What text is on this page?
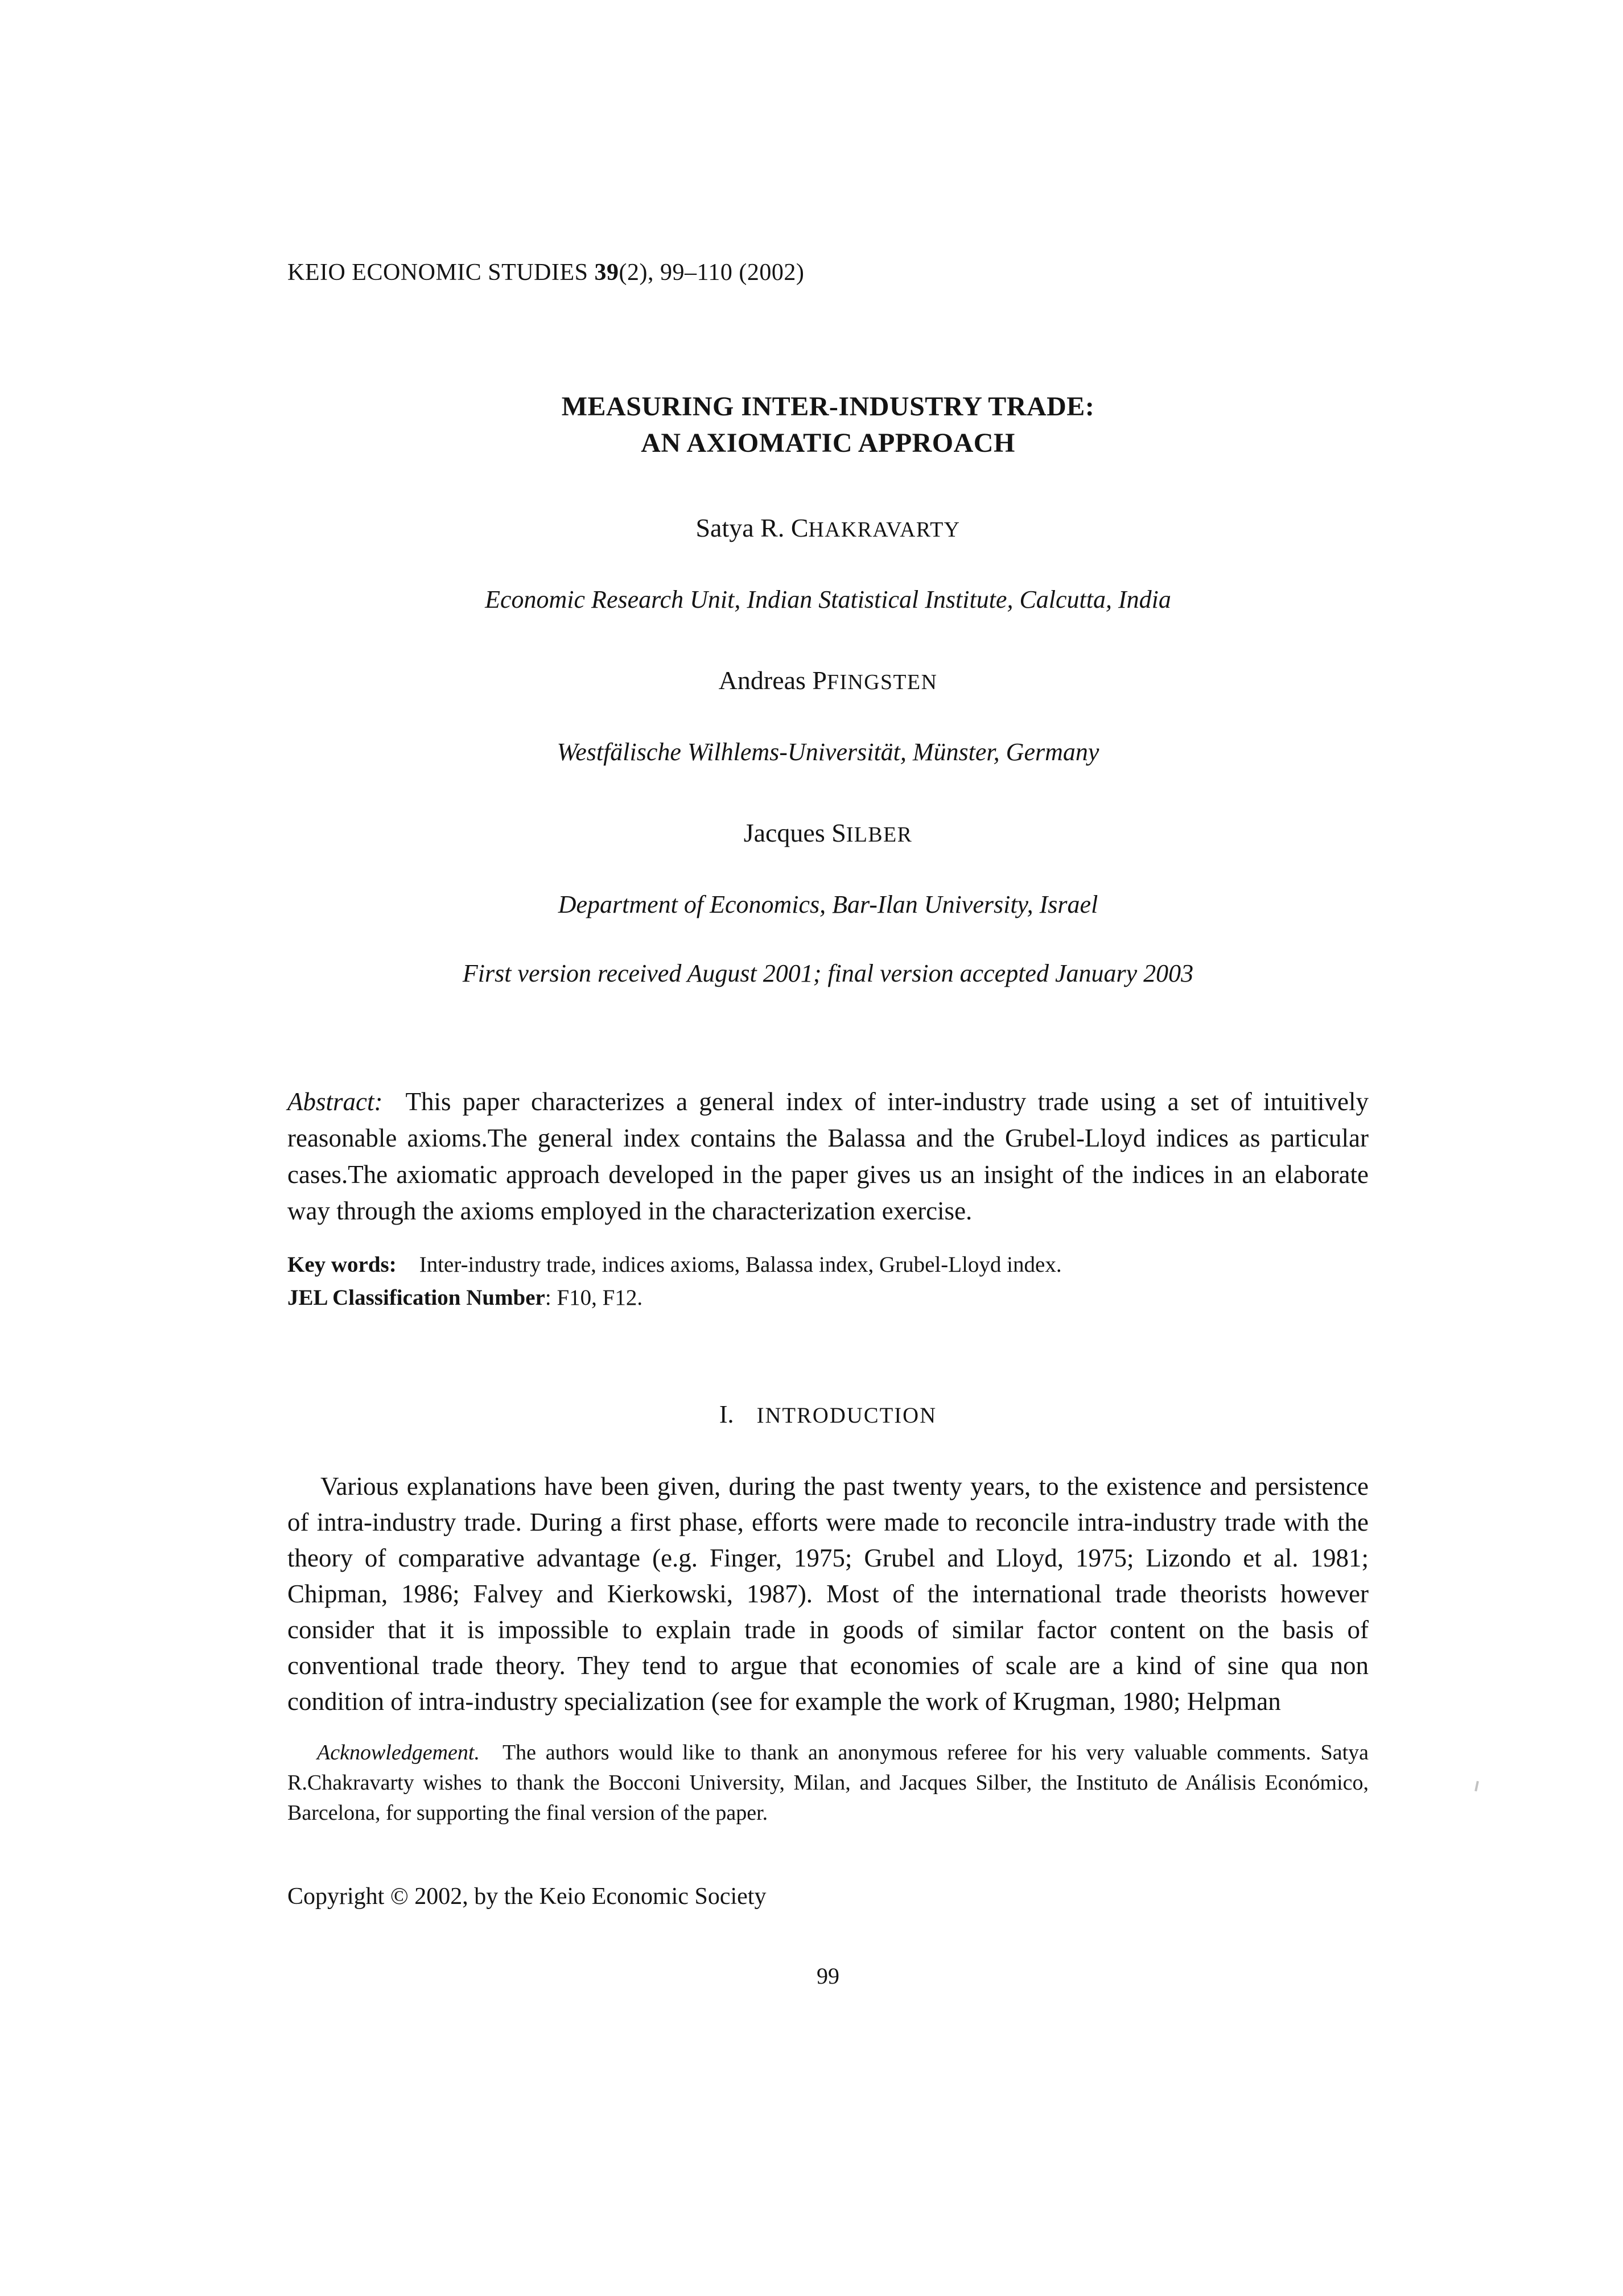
KEIO ECONOMIC STUDIES 39(2), 99–110 (2002)
MEASURING INTER-INDUSTRY TRADE:
AN AXIOMATIC APPROACH
Satya R. CHAKRAVARTY
Economic Research Unit, Indian Statistical Institute, Calcutta, India
Andreas PFINGSTEN
Westfälische Wilhlems-Universität, Münster, Germany
Jacques SILBER
Department of Economics, Bar-Ilan University, Israel
First version received August 2001; final version accepted January 2003
Abstract: This paper characterizes a general index of inter-industry trade using a set of intuitively reasonable axioms.The general index contains the Balassa and the Grubel-Lloyd indices as particular cases.The axiomatic approach developed in the paper gives us an insight of the indices in an elaborate way through the axioms employed in the characterization exercise.
Key words: Inter-industry trade, indices axioms, Balassa index, Grubel-Lloyd index.
JEL Classification Number: F10, F12.
I. INTRODUCTION
Various explanations have been given, during the past twenty years, to the existence and persistence of intra-industry trade. During a first phase, efforts were made to reconcile intra-industry trade with the theory of comparative advantage (e.g. Finger, 1975; Grubel and Lloyd, 1975; Lizondo et al. 1981; Chipman, 1986; Falvey and Kierkowski, 1987). Most of the international trade theorists however consider that it is impossible to explain trade in goods of similar factor content on the basis of conventional trade theory. They tend to argue that economies of scale are a kind of sine qua non condition of intra-industry specialization (see for example the work of Krugman, 1980; Helpman
Acknowledgement. The authors would like to thank an anonymous referee for his very valuable comments. Satya R.Chakravarty wishes to thank the Bocconi University, Milan, and Jacques Silber, the Instituto de Análisis Económico, Barcelona, for supporting the final version of the paper.
Copyright © 2002, by the Keio Economic Society
99
